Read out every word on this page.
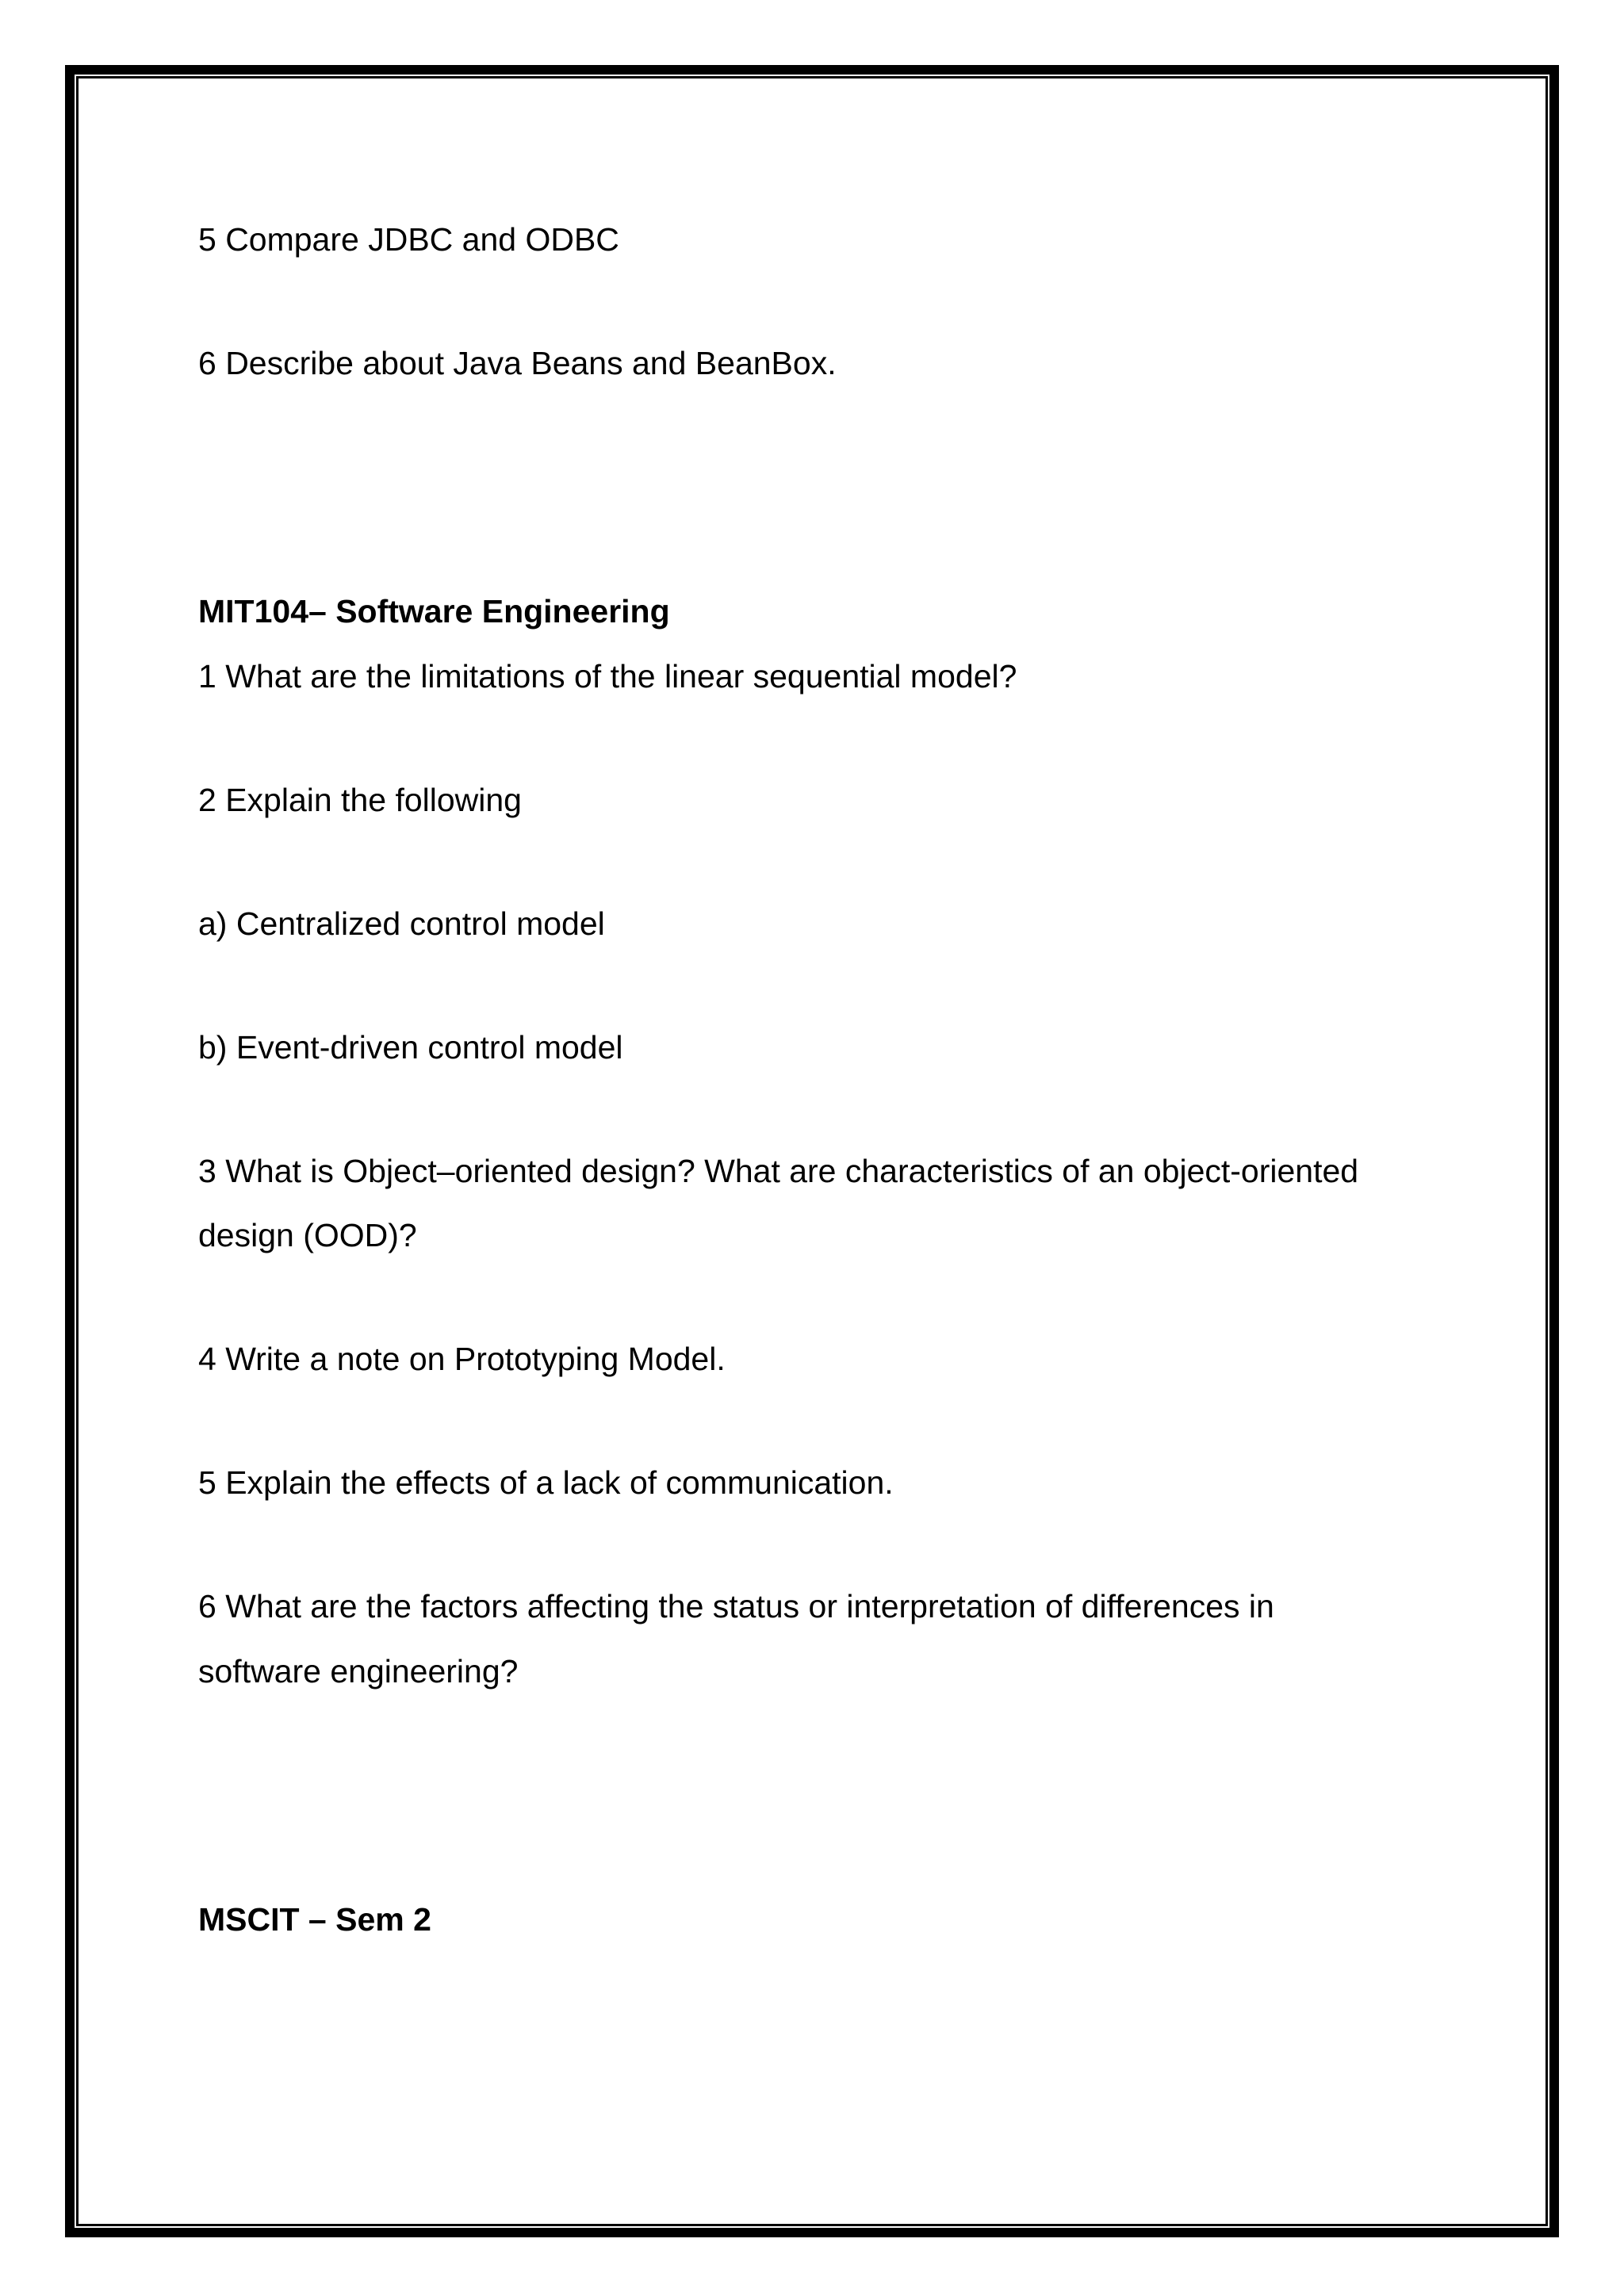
5 Compare JDBC and ODBC
6 Describe about Java Beans and BeanBox.
MIT104– Software Engineering
1 What are the limitations of the linear sequential model?
2 Explain the following
a) Centralized control model
b) Event-driven control model
3 What is Object–oriented design? What are characteristics of an object-oriented
design (OOD)?
4 Write a note on Prototyping Model.
5 Explain the effects of a lack of communication.
6 What are the factors affecting the status or interpretation of differences in
software engineering?
MSCIT – Sem 2
